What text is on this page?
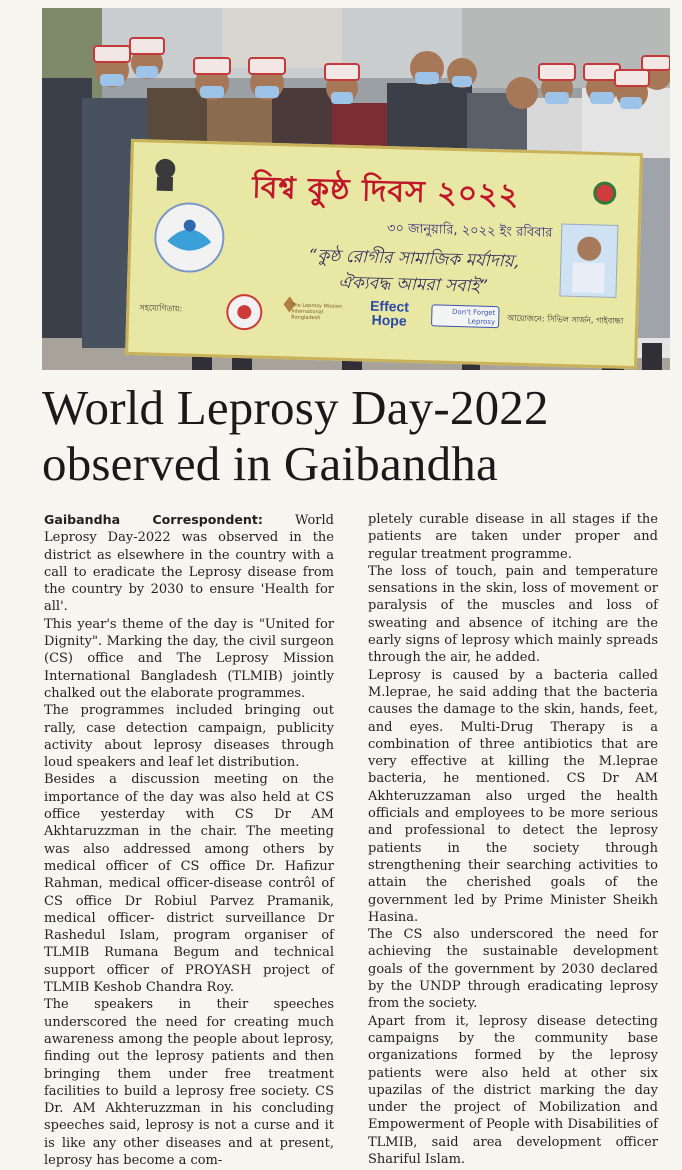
বিশ্ব কুষ্ঠ দিবস ২০২২
৩০ জানুয়ারি, ২০২২ ইং রবিবার
“কুষ্ঠ রোগীর সামাজিক মর্যাদায়,
ঐক্যবদ্ধ আমরা সবাই”
সহযোগিতায়:	The Leprosy Mission International Bangladesh
Effect Hope	Don't Forget Leprosy	আয়োজনে: সিভিল সার্জন, গাইবান্ধা
World Leprosy Day-2022
observed in Gaibandha

Gaibandha Correspondent: World Leprosy Day-2022 was observed in the district as elsewhere in the country with a call to eradicate the Leprosy disease from the country by 2030 to ensure 'Health for all'.

This year's theme of the day is "United for Dignity". Marking the day, the civil surgeon (CS) office and The Leprosy Mission International Bangladesh (TLMIB) jointly chalked out the elaborate programmes.

The programmes included bringing out rally, case detection campaign, publicity activity about leprosy diseases through loud speakers and leaf let distribution.

Besides a discussion meeting on the importance of the day was also held at CS office yesterday with CS Dr AM Akhtaruzzman in the chair. The meeting was also addressed among others by medical officer of CS office Dr. Hafizur Rahman, medical officer-disease contrôl of CS office Dr Robiul Parvez Pramanik, medical officer- district surveillance Dr Rashedul Islam, program organiser of TLMIB Rumana Begum and technical support officer of PROYASH project of TLMIB Keshob Chandra Roy.

The speakers in their speeches underscored the need for creating much awareness among the people about leprosy, finding out the leprosy patients and then bringing them under free treatment facilities to build a leprosy free society. CS Dr. AM Akhteruzzman in his concluding speeches said, leprosy is not a curse and it is like any other diseases and at present, leprosy has become a com-

pletely curable disease in all stages if the patients are taken under proper and regular treatment programme.

The loss of touch, pain and temperature sensations in the skin, loss of movement or paralysis of the muscles and loss of sweating and absence of itching are the early signs of leprosy which mainly spreads through the air, he added.

Leprosy is caused by a bacteria called M.leprae, he said adding that the bacteria causes the damage to the skin, hands, feet, and eyes. Multi-Drug Therapy is a combination of three antibiotics that are very effective at killing the M.leprae bacteria, he mentioned. CS Dr AM Akhteruzzaman also urged the health officials and employees to be more serious and professional to detect the leprosy patients in the society through strengthening their searching activities to attain the cherished goals of the government led by Prime Minister Sheikh Hasina.

The CS also underscored the need for achieving the sustainable development goals of the government by 2030 declared by the UNDP through eradicating leprosy from the society.

Apart from it, leprosy disease detecting campaigns by the community base organizations formed by the leprosy patients were also held at other six upazilas of the district marking the day under the project of Mobilization and Empowerment of People with Disabilities of TLMIB, said area development officer Shariful Islam.
